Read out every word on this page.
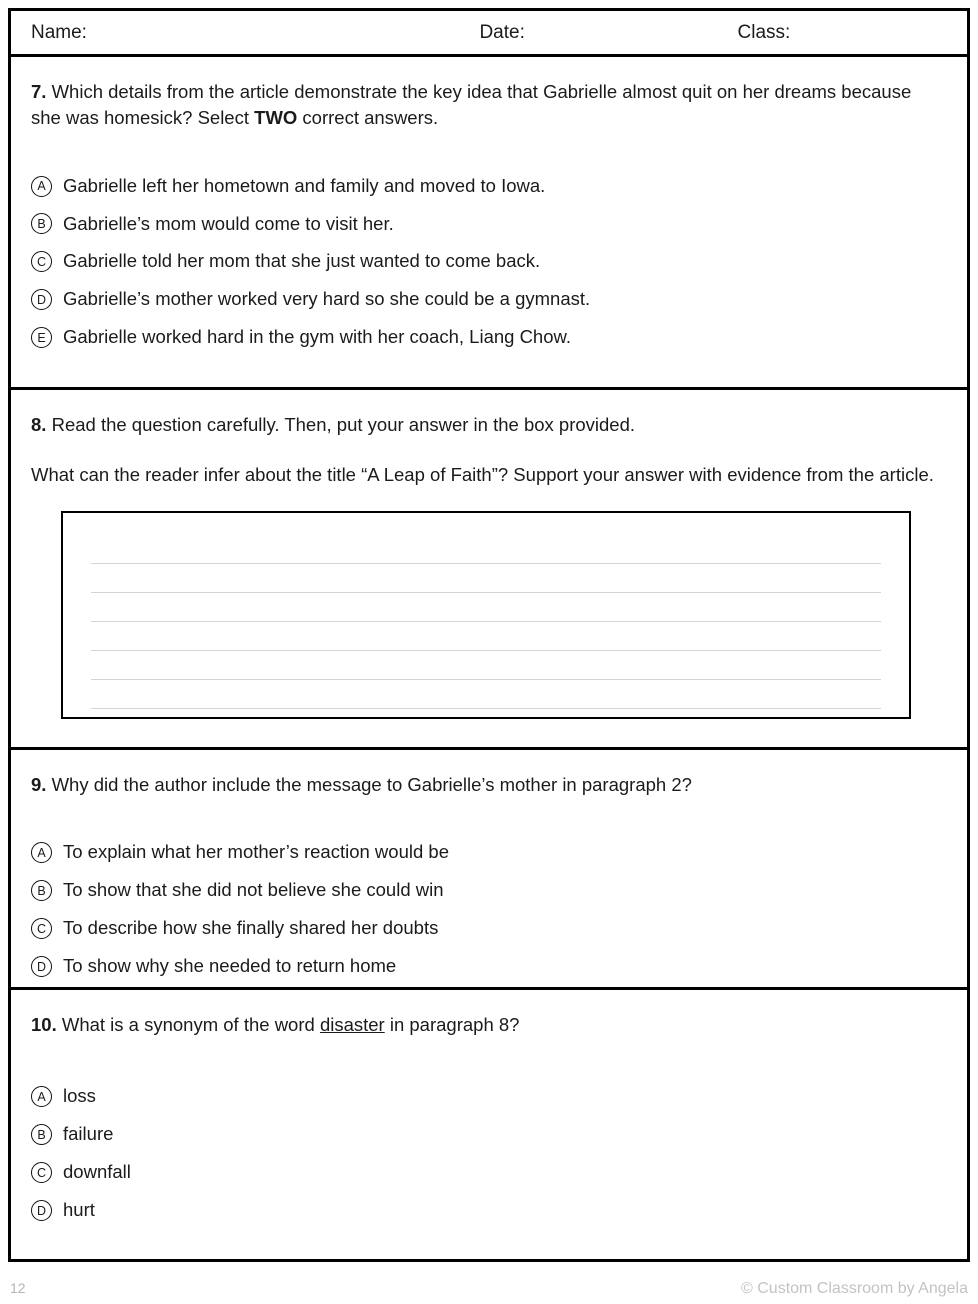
Name:	Date:	Class:

7. Which details from the article demonstrate the key idea that Gabrielle almost quit on her dreams because she was homesick? Select TWO correct answers.

A Gabrielle left her hometown and family and moved to Iowa.
B Gabrielle’s mom would come to visit her.
C Gabrielle told her mom that she just wanted to come back.
D Gabrielle’s mother worked very hard so she could be a gymnast.
E Gabrielle worked hard in the gym with her coach, Liang Chow.

8. Read the question carefully. Then, put your answer in the box provided.

What can the reader infer about the title “A Leap of Faith”? Support your answer with evidence from the article.

9. Why did the author include the message to Gabrielle’s mother in paragraph 2?

A To explain what her mother’s reaction would be
B To show that she did not believe she could win
C To describe how she finally shared her doubts
D To show why she needed to return home

10. What is a synonym of the word disaster in paragraph 8?

A loss
B failure
C downfall
D hurt
12	© Custom Classroom by Angela
